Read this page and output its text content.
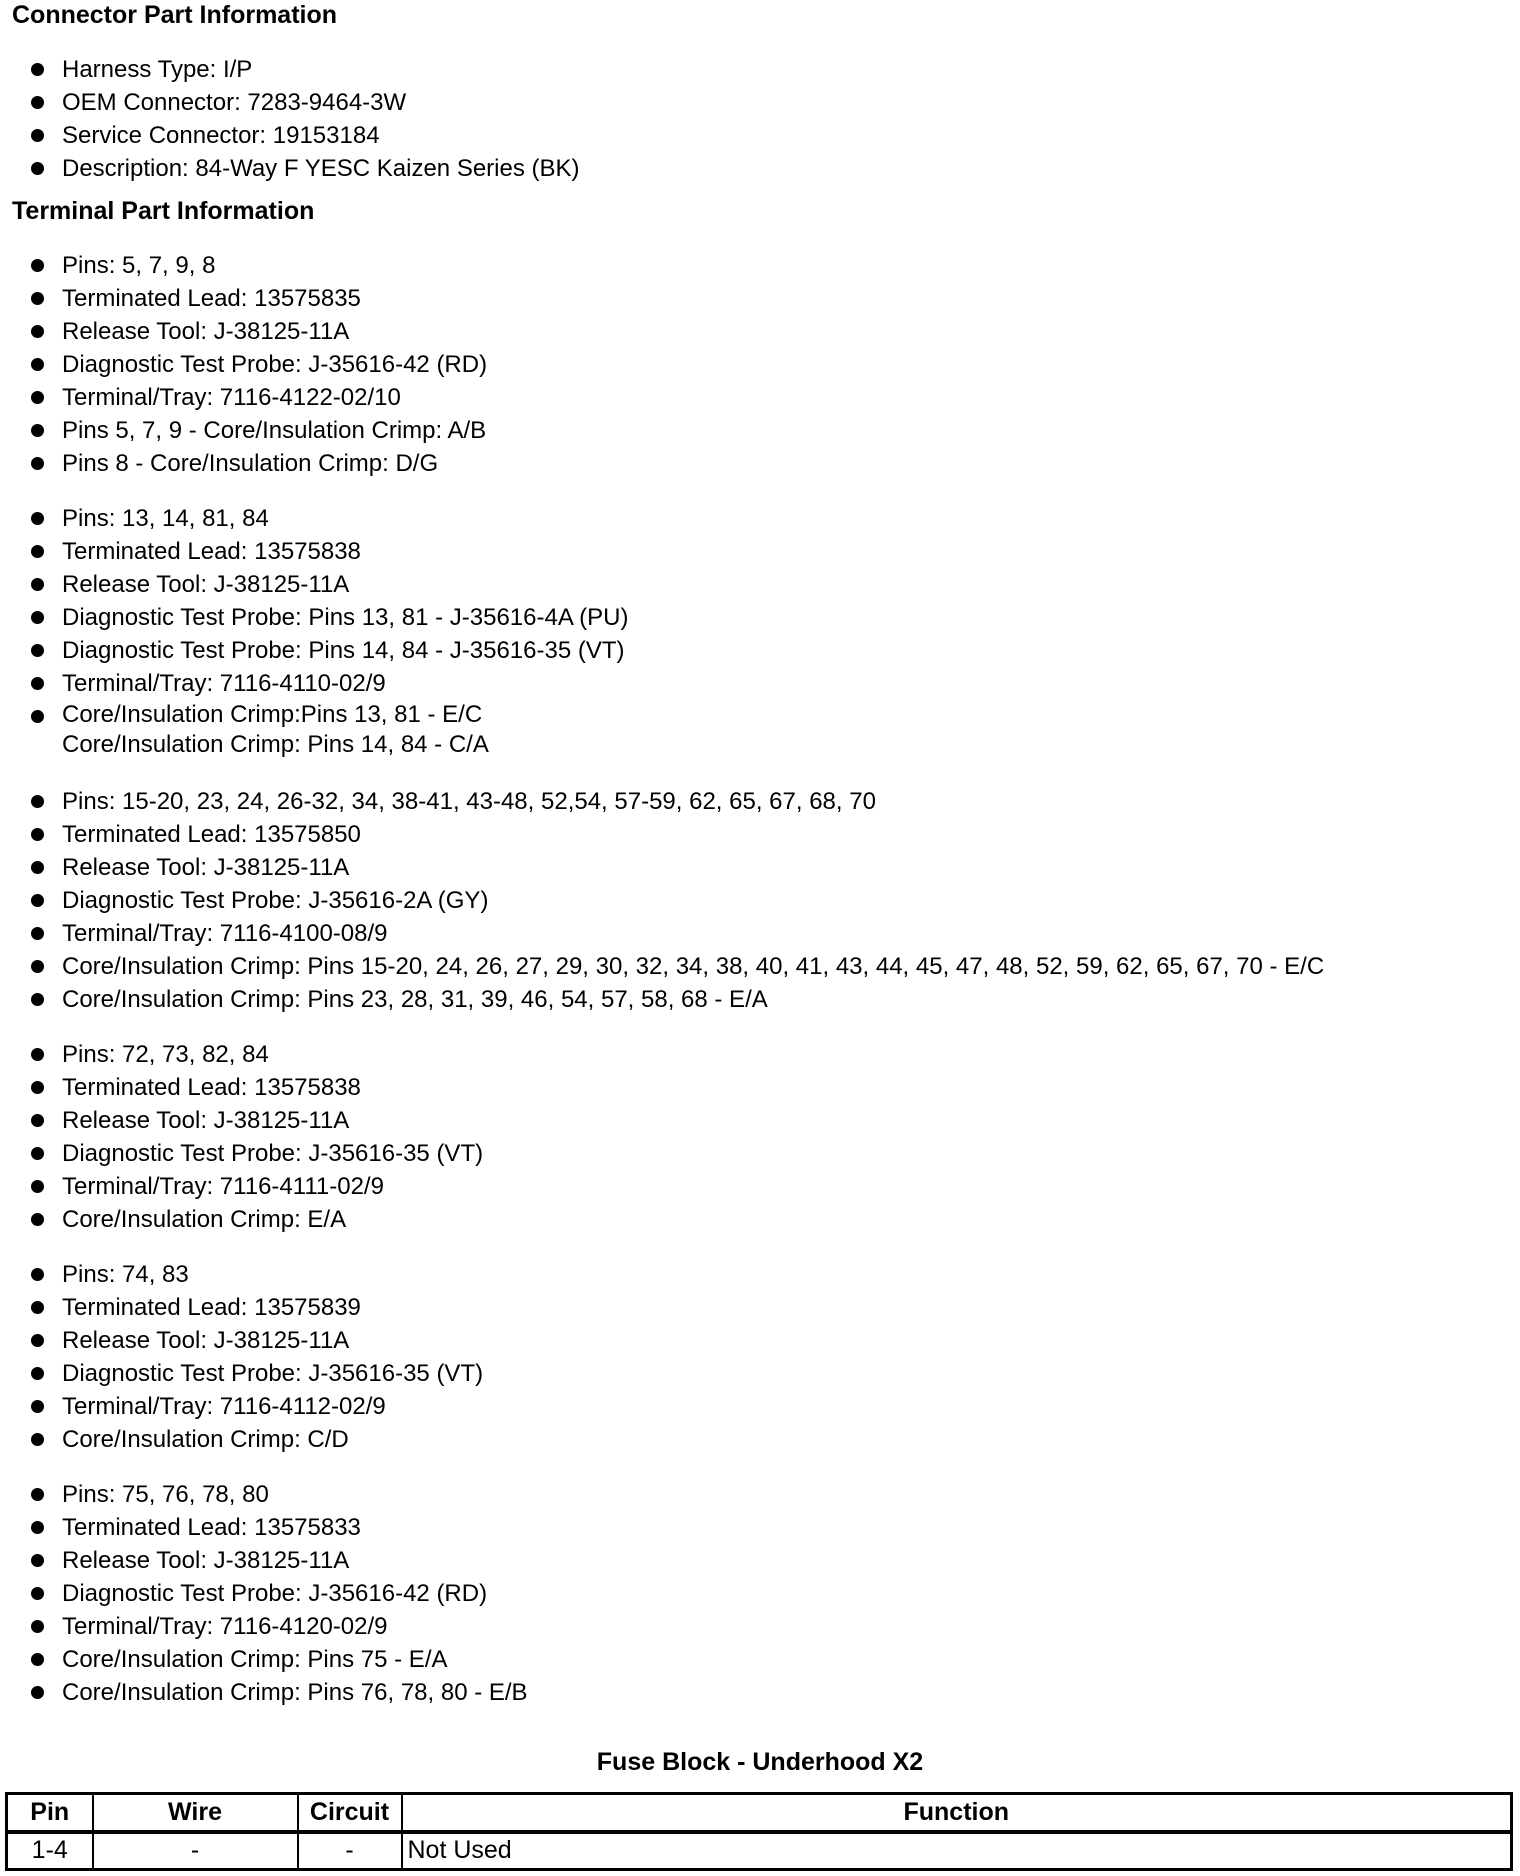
Connector Part Information
Harness Type: I/P
OEM Connector: 7283-9464-3W
Service Connector: 19153184
Description: 84-Way F YESC Kaizen Series (BK)
Terminal Part Information
Pins: 5, 7, 9, 8
Terminated Lead: 13575835
Release Tool: J-38125-11A
Diagnostic Test Probe: J-35616-42 (RD)
Terminal/Tray: 7116-4122-02/10
Pins 5, 7, 9 - Core/Insulation Crimp: A/B
Pins 8 - Core/Insulation Crimp: D/G
Pins: 13, 14, 81, 84
Terminated Lead: 13575838
Release Tool: J-38125-11A
Diagnostic Test Probe: Pins 13, 81 - J-35616-4A (PU)
Diagnostic Test Probe: Pins 14, 84 - J-35616-35 (VT)
Terminal/Tray: 7116-4110-02/9
Core/Insulation Crimp:Pins 13, 81 - E/C
Core/Insulation Crimp: Pins 14, 84 - C/A
Pins: 15-20, 23, 24, 26-32, 34, 38-41, 43-48, 52,54, 57-59, 62, 65, 67, 68, 70
Terminated Lead: 13575850
Release Tool: J-38125-11A
Diagnostic Test Probe: J-35616-2A (GY)
Terminal/Tray: 7116-4100-08/9
Core/Insulation Crimp: Pins 15-20, 24, 26, 27, 29, 30, 32, 34, 38, 40, 41, 43, 44, 45, 47, 48, 52, 59, 62, 65, 67, 70 - E/C
Core/Insulation Crimp: Pins 23, 28, 31, 39, 46, 54, 57, 58, 68 - E/A
Pins: 72, 73, 82, 84
Terminated Lead: 13575838
Release Tool: J-38125-11A
Diagnostic Test Probe: J-35616-35 (VT)
Terminal/Tray: 7116-4111-02/9
Core/Insulation Crimp: E/A
Pins: 74, 83
Terminated Lead: 13575839
Release Tool: J-38125-11A
Diagnostic Test Probe: J-35616-35 (VT)
Terminal/Tray: 7116-4112-02/9
Core/Insulation Crimp: C/D
Pins: 75, 76, 78, 80
Terminated Lead: 13575833
Release Tool: J-38125-11A
Diagnostic Test Probe: J-35616-42 (RD)
Terminal/Tray: 7116-4120-02/9
Core/Insulation Crimp: Pins 75 - E/A
Core/Insulation Crimp: Pins 76, 78, 80 - E/B
Fuse Block - Underhood X2
Pin	Wire	Circuit	Function
1-4	-	-	Not Used
